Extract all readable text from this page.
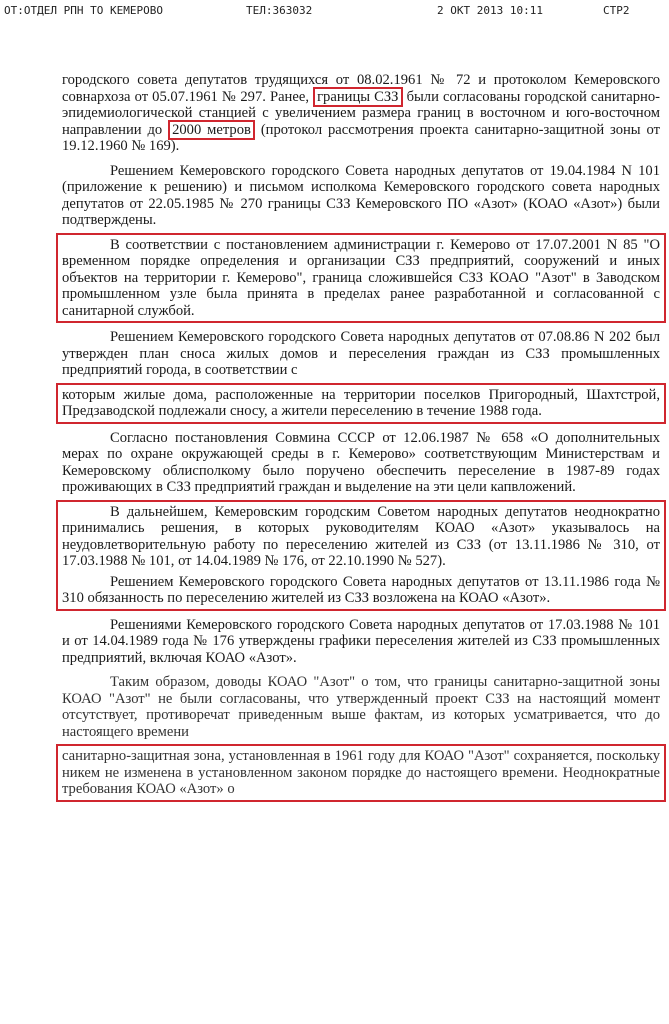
ОТ:ОТДЕЛ РПН ТО КЕМЕРОВО	ТЕЛ:363032	2 ОКТ 2013 10:11	СТР2

городского совета депутатов трудящихся от 08.02.1961 № 72 и протоколом Кемеровского совнархоза от 05.07.1961 № 297. Ранее, границы СЗЗ были согласованы городской санитарно-эпидемиологической станцией с увеличением размера границ в восточном и юго-восточном направлении до 2000 метров (протокол рассмотрения проекта санитарно-защитной зоны от 19.12.1960 № 169).

Решением Кемеровского городского Совета народных депутатов от 19.04.1984 N 101 (приложение к решению) и письмом исполкома Кемеровского городского совета народных депутатов от 22.05.1985 № 270 границы СЗЗ Кемеровского ПО «Азот» (КОАО «Азот») были подтверждены.

В соответствии с постановлением администрации г. Кемерово от 17.07.2001 N 85 "О временном порядке определения и организации СЗЗ предприятий, сооружений и иных объектов на территории г. Кемерово", граница сложившейся СЗЗ КОАО "Азот" в Заводском промышленном узле была принята в пределах ранее разработанной и согласованной с санитарной службой.

Решением Кемеровского городского Совета народных депутатов от 07.08.86 N 202 был утвержден план сноса жилых домов и переселения граждан из СЗЗ промышленных предприятий города, в соответствии с

которым жилые дома, расположенные на территории поселков Пригородный, Шахтстрой, Предзаводской подлежали сносу, а жители переселению в течение 1988 года.

Согласно постановления Совмина СССР от 12.06.1987 № 658 «О дополнительных мерах по охране окружающей среды в г. Кемерово» соответствующим Министерствам и Кемеровскому облисполкому было поручено обеспечить переселение в 1987-89 годах проживающих в СЗЗ предприятий граждан и выделение на эти цели капвложений.

В дальнейшем, Кемеровским городским Советом народных депутатов неоднократно принимались решения, в которых руководителям КОАО «Азот» указывалось на неудовлетворительную работу по переселению жителей из СЗЗ (от 13.11.1986 № 310, от 17.03.1988 № 101, от 14.04.1989 № 176, от 22.10.1990 № 527).

Решением Кемеровского городского Совета народных депутатов от 13.11.1986 года № 310 обязанность по переселению жителей из СЗЗ возложена на КОАО «Азот».

Решениями Кемеровского городского Совета народных депутатов от 17.03.1988 № 101 и от 14.04.1989 года № 176 утверждены графики переселения жителей из СЗЗ промышленных предприятий, включая КОАО «Азот».

Таким образом, доводы КОАО "Азот" о том, что границы санитарно-защитной зоны КОАО "Азот" не были согласованы, что утвержденный проект СЗЗ на настоящий момент отсутствует, противоречат приведенным выше фактам, из которых усматривается, что до настоящего времени

санитарно-защитная зона, установленная в 1961 году для КОАО "Азот" сохраняется, поскольку никем не изменена в установленном законом порядке до настоящего времени. Неоднократные требования КОАО «Азот» о
